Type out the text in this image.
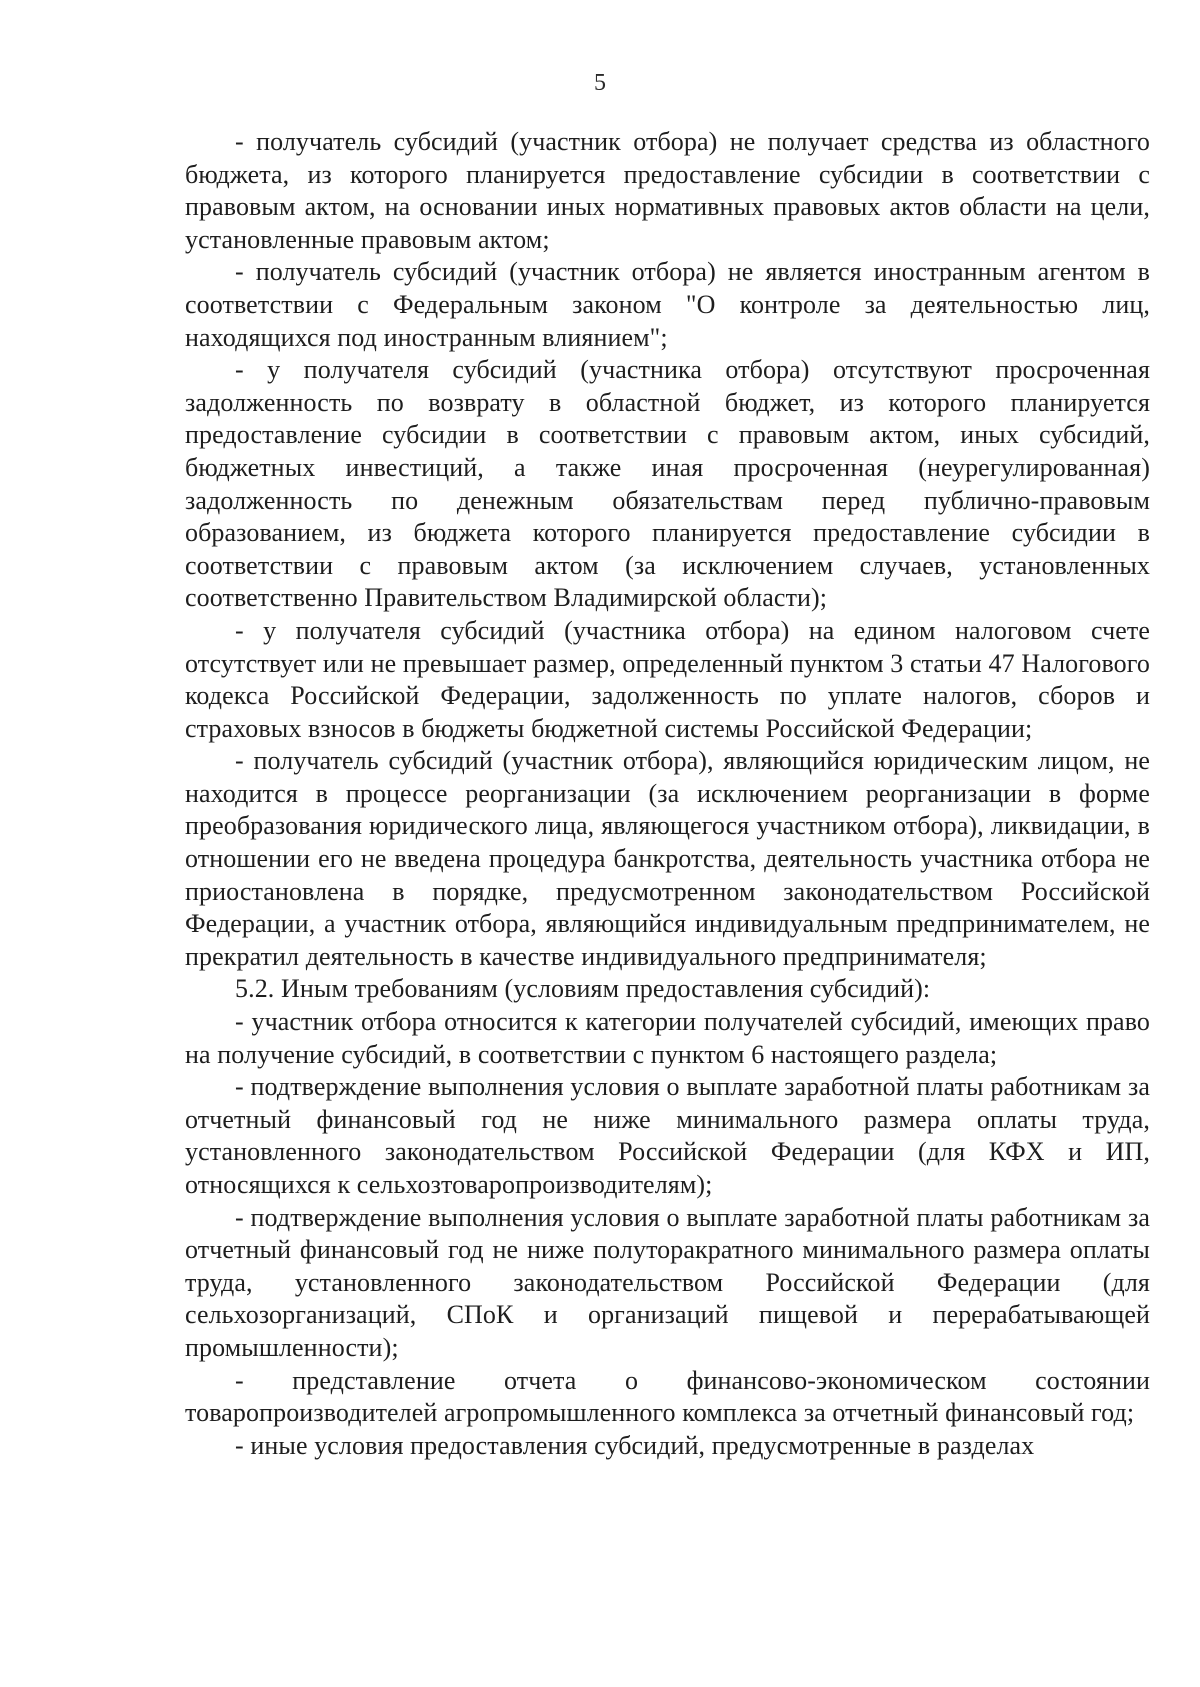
5

- получатель субсидий (участник отбора) не получает средства из областного бюджета, из которого планируется предоставление субсидии в соответствии с правовым актом, на основании иных нормативных правовых актов области на цели, установленные правовым актом;

- получатель субсидий (участник отбора) не является иностранным агентом в соответствии с Федеральным законом "О контроле за деятельностью лиц, находящихся под иностранным влиянием";

- у получателя субсидий (участника отбора) отсутствуют просроченная задолженность по возврату в областной бюджет, из которого планируется предоставление субсидии в соответствии с правовым актом, иных субсидий, бюджетных инвестиций, а также иная просроченная (неурегулированная) задолженность по денежным обязательствам перед публично-правовым образованием, из бюджета которого планируется предоставление субсидии в соответствии с правовым актом (за исключением случаев, установленных соответственно Правительством Владимирской области);

- у получателя субсидий (участника отбора) на едином налоговом счете отсутствует или не превышает размер, определенный пунктом 3 статьи 47 Налогового кодекса Российской Федерации, задолженность по уплате налогов, сборов и страховых взносов в бюджеты бюджетной системы Российской Федерации;

- получатель субсидий (участник отбора), являющийся юридическим лицом, не находится в процессе реорганизации (за исключением реорганизации в форме преобразования юридического лица, являющегося участником отбора), ликвидации, в отношении его не введена процедура банкротства, деятельность участника отбора не приостановлена в порядке, предусмотренном законодательством Российской Федерации, а участник отбора, являющийся индивидуальным предпринимателем, не прекратил деятельность в качестве индивидуального предпринимателя;

5.2. Иным требованиям (условиям предоставления субсидий):

- участник отбора относится к категории получателей субсидий, имеющих право на получение субсидий, в соответствии с пунктом 6 настоящего раздела;

- подтверждение выполнения условия о выплате заработной платы работникам за отчетный финансовый год не ниже минимального размера оплаты труда, установленного законодательством Российской Федерации (для КФХ и ИП, относящихся к сельхозтоваропроизводителям);

- подтверждение выполнения условия о выплате заработной платы работникам за отчетный финансовый год не ниже полуторакратного минимального размера оплаты труда, установленного законодательством Российской Федерации (для сельхозорганизаций, СПоК и организаций пищевой и перерабатывающей промышленности);

- представление отчета о финансово-экономическом состоянии товаропроизводителей агропромышленного комплекса за отчетный финансовый год;

- иные условия предоставления субсидий, предусмотренные в разделах
